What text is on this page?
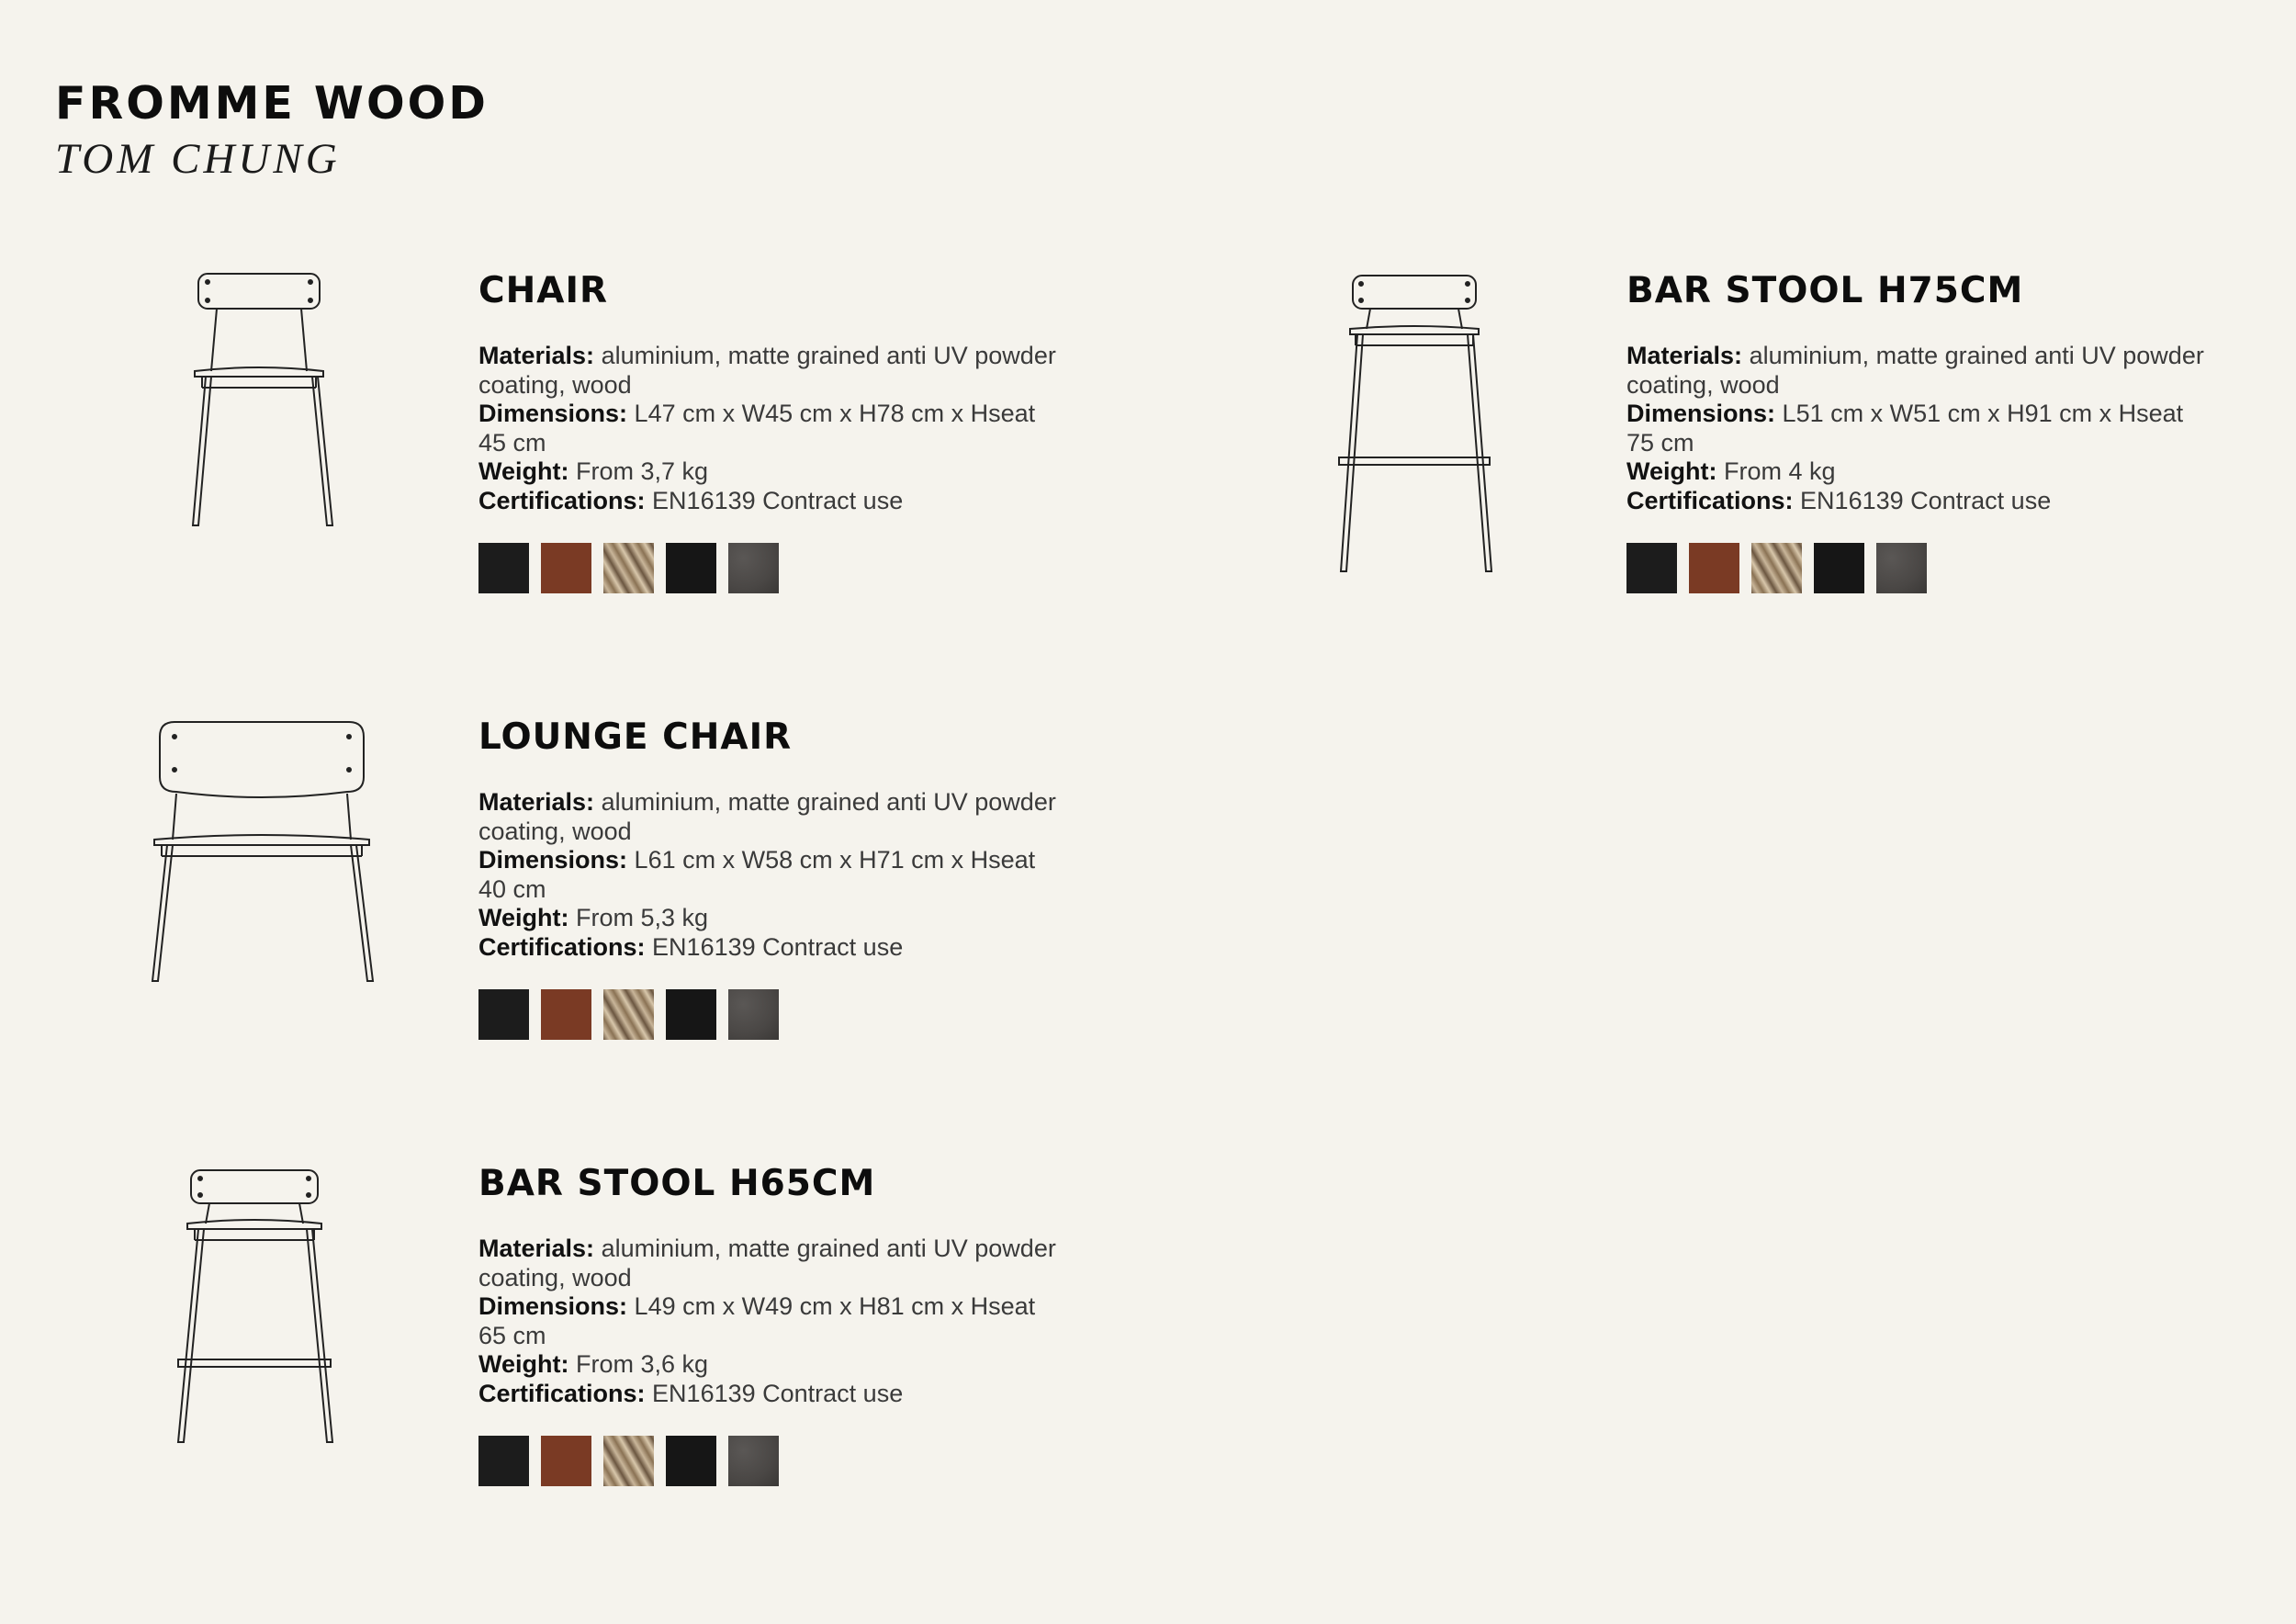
FROMME WOOD
TOM CHUNG
CHAIR
Materials: aluminium, matte grained anti UV powder coating, wood
Dimensions: L47 cm x W45 cm x H78 cm x Hseat 45 cm
Weight: From 3,7 kg
Certifications: EN16139 Contract use
BAR STOOL H75CM
Materials: aluminium, matte grained anti UV powder coating, wood
Dimensions: L51 cm x W51 cm x H91 cm x Hseat 75 cm
Weight: From 4 kg
Certifications: EN16139 Contract use
LOUNGE CHAIR
Materials: aluminium, matte grained anti UV powder coating, wood
Dimensions: L61 cm x W58 cm x H71 cm x Hseat 40 cm
Weight: From 5,3 kg
Certifications: EN16139 Contract use
BAR STOOL H65CM
Materials: aluminium, matte grained anti UV powder coating, wood
Dimensions: L49 cm x W49 cm x H81 cm x Hseat 65 cm
Weight: From 3,6 kg
Certifications: EN16139 Contract use
